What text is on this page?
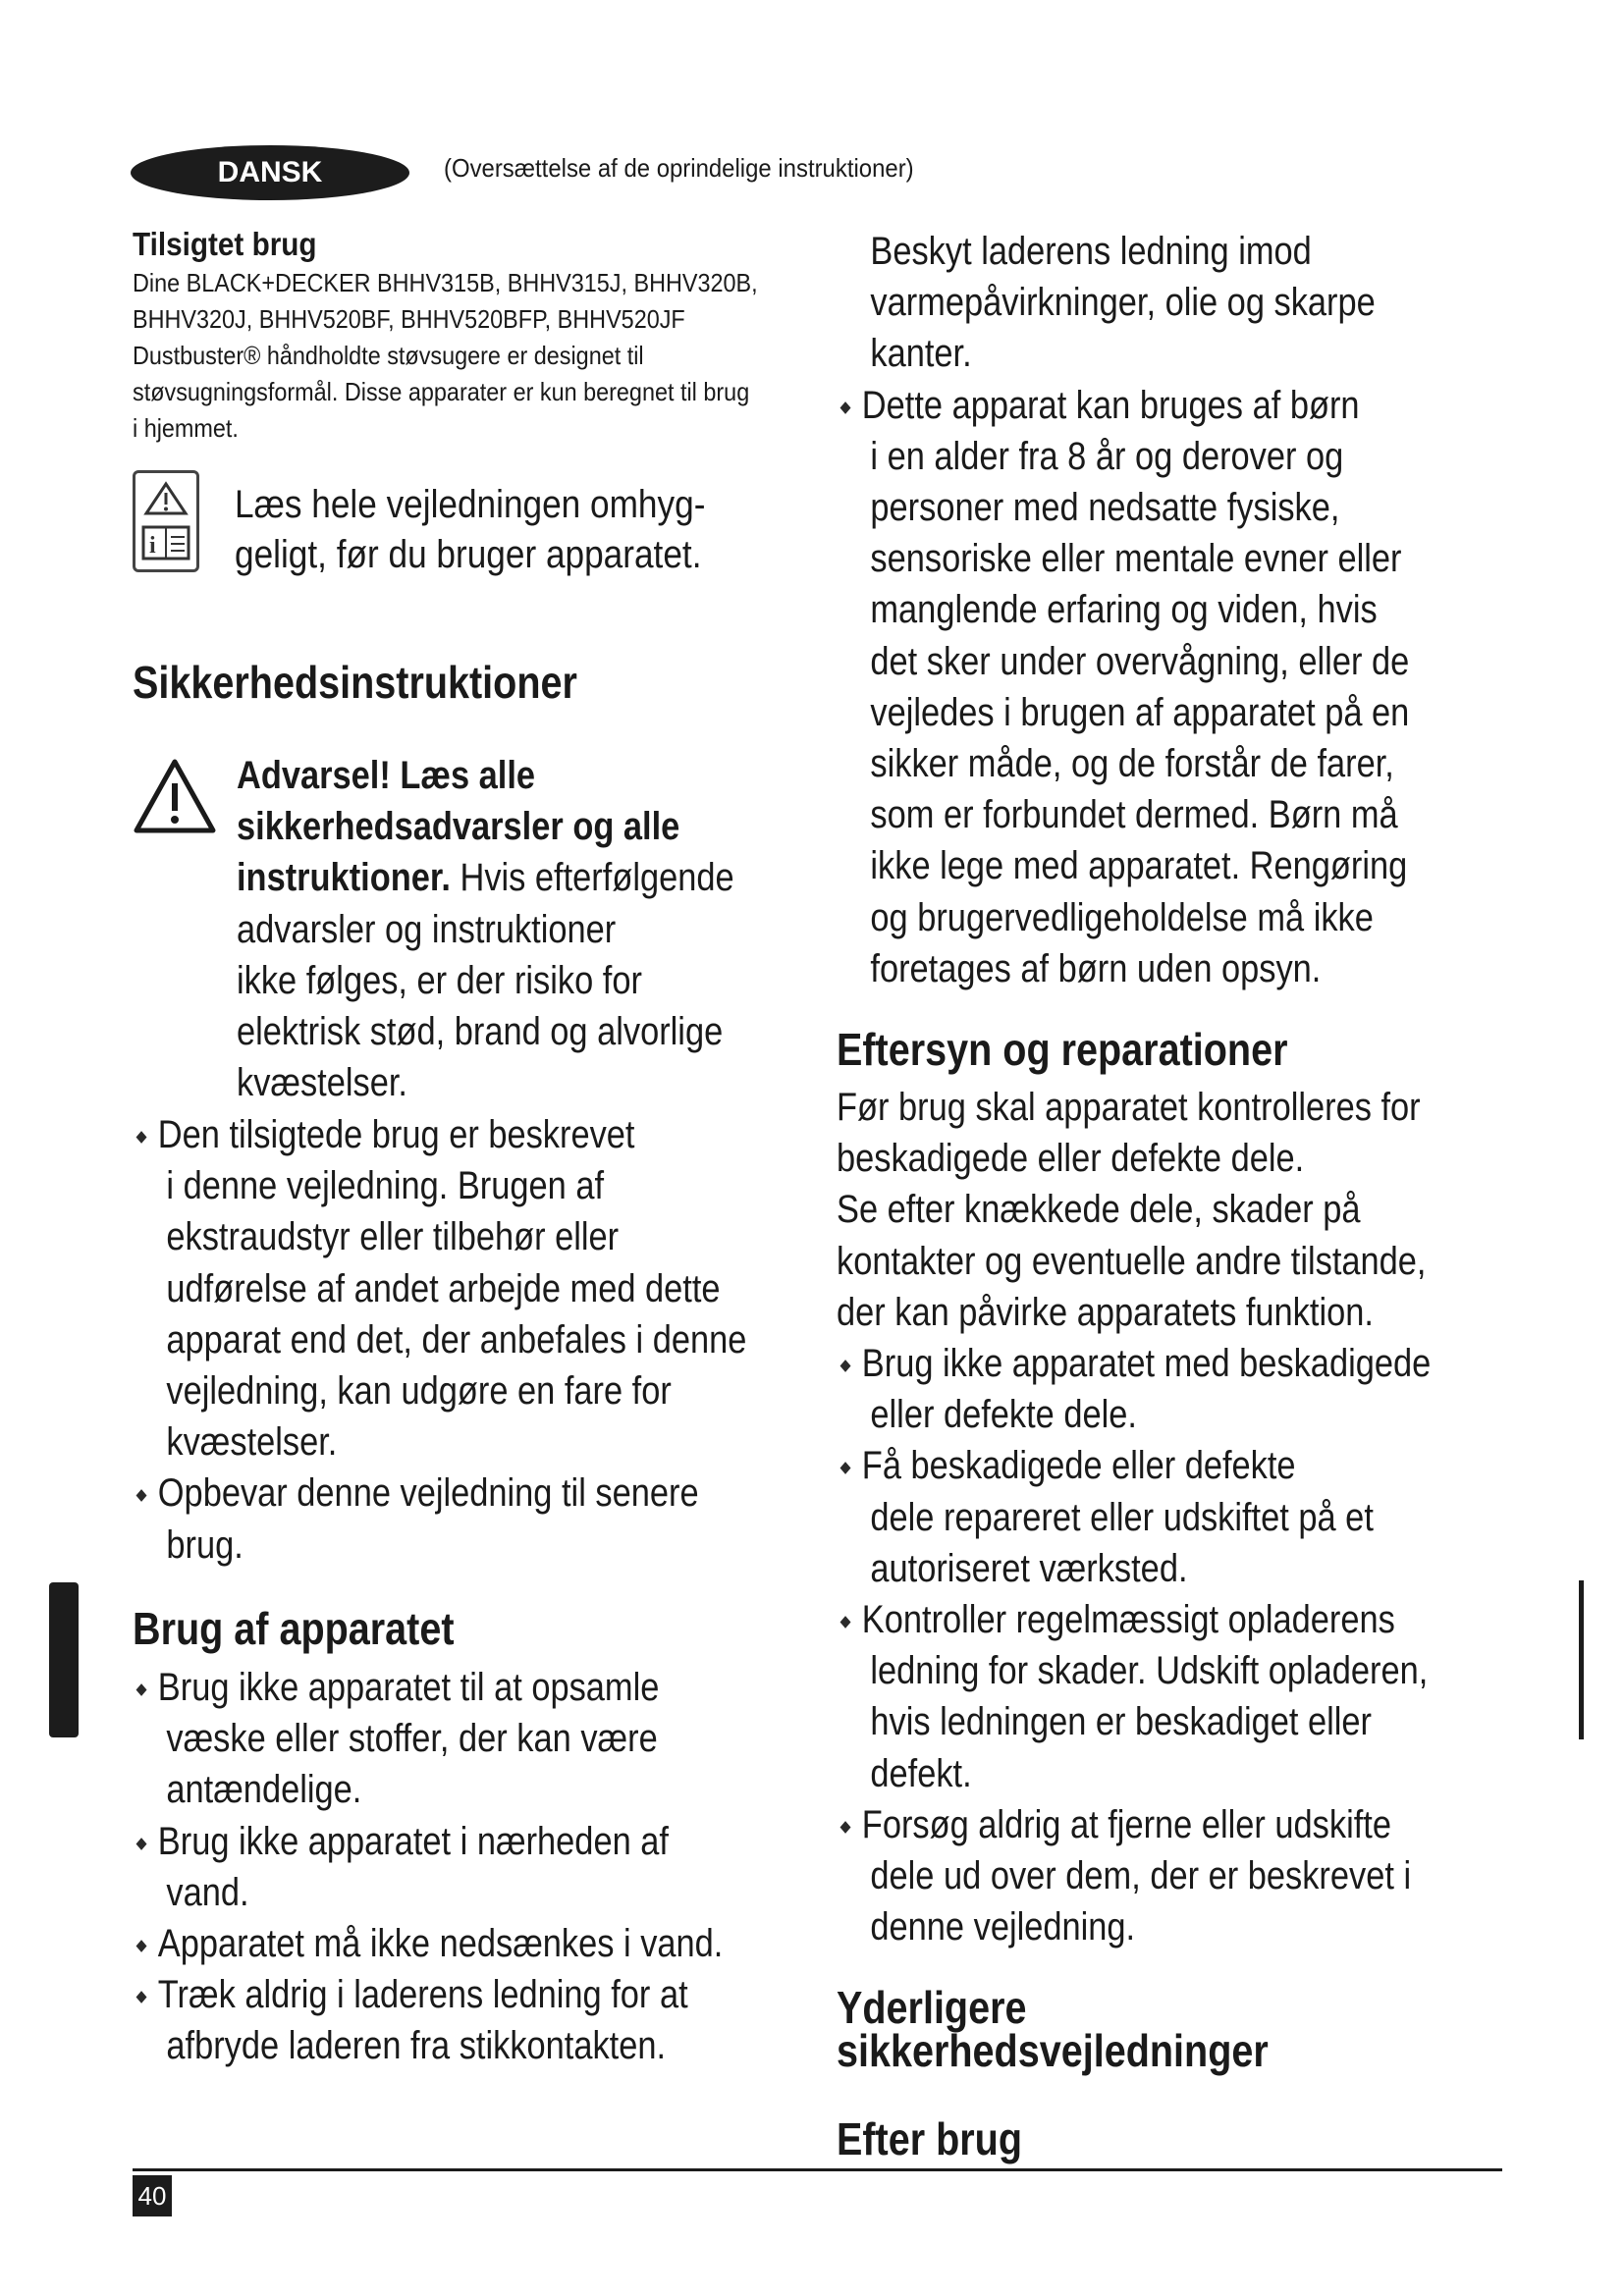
DANSK	(Oversættelse af de oprindelige instruktioner)
Tilsigtet brug
Dine BLACK+DECKER BHHV315B, BHHV315J, BHHV320B,
BHHV320J, BHHV520BF, BHHV520BFP, BHHV520JF
Dustbuster® håndholdte støvsugere er designet til
støvsugningsformål. Disse apparater er kun beregnet til brug
i hjemmet.
i
Læs hele vejledningen omhyg-
geligt, før du bruger apparatet.
Sikkerhedsinstruktioner
Advarsel! Læs alle
sikkerhedsadvarsler og alle
instruktioner. Hvis efterfølgende
advarsler og instruktioner
ikke følges, er der risiko for
elektrisk stød, brand og alvorlige
kvæstelser.
Den tilsigtede brug er beskrevet
i denne vejledning. Brugen af
ekstraudstyr eller tilbehør eller
udførelse af andet arbejde med dette
apparat end det, der anbefales i denne
vejledning, kan udgøre en fare for
kvæstelser.
Opbevar denne vejledning til senere
brug.
Brug af apparatet
Brug ikke apparatet til at opsamle
væske eller stoffer, der kan være
antændelige.
Brug ikke apparatet i nærheden af
vand.
Apparatet må ikke nedsænkes i vand.
Træk aldrig i laderens ledning for at
afbryde laderen fra stikkontakten.
Beskyt laderens ledning imod
varmepåvirkninger, olie og skarpe
kanter.
Dette apparat kan bruges af børn
i en alder fra 8 år og derover og
personer med nedsatte fysiske,
sensoriske eller mentale evner eller
manglende erfaring og viden, hvis
det sker under overvågning, eller de
vejledes i brugen af apparatet på en
sikker måde, og de forstår de farer,
som er forbundet dermed. Børn må
ikke lege med apparatet. Rengøring
og brugervedligeholdelse må ikke
foretages af børn uden opsyn.
Eftersyn og reparationer
Før brug skal apparatet kontrolleres for
beskadigede eller defekte dele.
Se efter knækkede dele, skader på
kontakter og eventuelle andre tilstande,
der kan påvirke apparatets funktion.
Brug ikke apparatet med beskadigede
eller defekte dele.
Få beskadigede eller defekte
dele repareret eller udskiftet på et
autoriseret værksted.
Kontroller regelmæssigt opladerens
ledning for skader. Udskift opladeren,
hvis ledningen er beskadiget eller
defekt.
Forsøg aldrig at fjerne eller udskifte
dele ud over dem, der er beskrevet i
denne vejledning.
Yderligere
sikkerhedsvejledninger
Efter brug
40
